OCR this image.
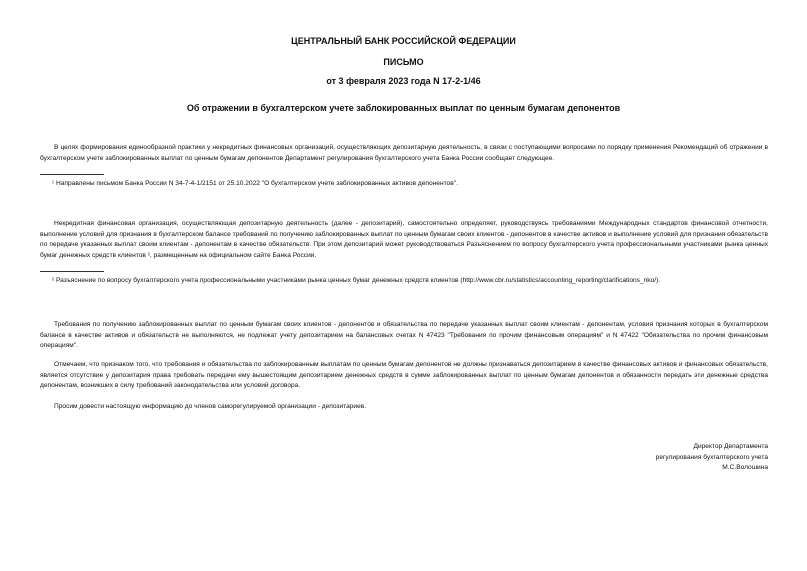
ЦЕНТРАЛЬНЫЙ БАНК РОССИЙСКОЙ ФЕДЕРАЦИИ
ПИСЬМО
от 3 февраля 2023 года N 17-2-1/46
Об отражении в бухгалтерском учете заблокированных выплат по ценным бумагам депонентов
В целях формирования единообразной практики у некредитных финансовых организаций, осуществляющих депозитарную деятельность, в связи с поступающими вопросами по порядку применения Рекомендаций об отражении в бухгалтерском учете заблокированных выплат по ценным бумагам депонентов Департамент регулирования бухгалтерского учета Банка России сообщает следующее.
¹ Направлены письмом Банка России N 34-7-4-1/2151 от 25.10.2022 "О бухгалтерском учете заблокированных активов депонентов".
Некредитная финансовая организация, осуществляющая депозитарную деятельность (далее - депозитарий), самостоятельно определяет, руководствуясь требованиями Международных стандартов финансовой отчетности, выполнение условий для признания в бухгалтерском балансе требований по получению заблокированных выплат по ценным бумагам своих клиентов - депонентов в качестве активов и выполнение условий для признания обязательств по передаче указанных выплат своим клиентам - депонентам в качестве обязательств. При этом депозитарий может руководствоваться Разъяснением по вопросу бухгалтерского учета профессиональными участниками рынка ценных бумаг денежных средств клиентов ², размещенным на официальном сайте Банка России.
² Разъяснение по вопросу бухгалтерского учета профессиональными участниками рынка ценных бумаг денежных средств клиентов (http://www.cbr.ru/statistics/accounting_reporting/clarifications_nko/).
Требования по получению заблокированных выплат по ценным бумагам своих клиентов - депонентов и обязательства по передаче указанных выплат своим клиентам - депонентам, условия признания которых в бухгалтерском балансе в качестве активов и обязательств не выполняются, не подлежат учету депозитарием на балансовых счетах N 47423 "Требования по прочим финансовым операциям" и N 47422 "Обязательства по прочим финансовым операциям".
Отмечаем, что признаком того, что требования и обязательства по заблокированным выплатам по ценным бумагам депонентов не должны признаваться депозитарием в качестве финансовых активов и финансовых обязательств, является отсутствие у депозитария права требовать передачи ему вышестоящим депозитарием денежных средств в сумме заблокированных выплат по ценным бумагам депонентов и обязанности передать эти денежные средства депонентам, возникших в силу требований законодательства или условий договора.
Просим довести настоящую информацию до членов саморегулируемой организации - депозитариев.
Директор Департамента
регулирования бухгалтерского учета
М.С.Волошина
